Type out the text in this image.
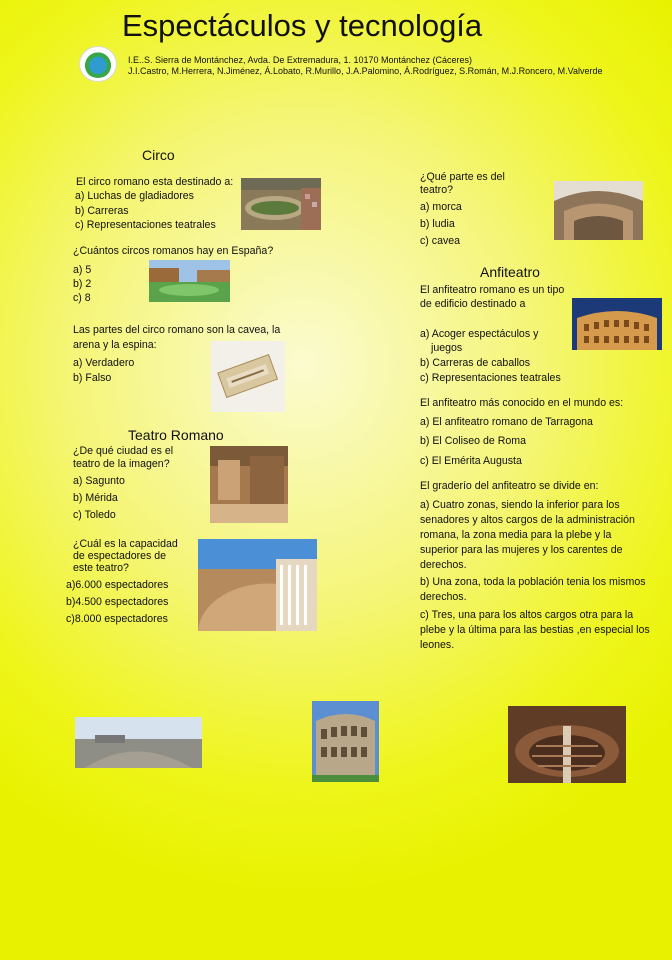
Espectáculos y tecnología
I.E..S. Sierra de Montánchez, Avda. De Extremadura, 1. 10170 Montánchez (Cáceres)
J.I.Castro, M.Herrera, N.Jiménez, Á.Lobato, R.Murillo, J.A.Palomino, Á.Rodríguez, S.Román, M.J.Roncero, M.Valverde
Circo
El circo romano esta destinado a:
a) Luchas de gladiadores
b) Carreras
c) Representaciones teatrales
¿Cuántos circos romanos hay en España?
a) 5
b) 2
c) 8
Las partes del circo romano son la cavea, la
arena y la espina:
a) Verdadero
b) Falso
Teatro Romano
¿De qué ciudad es el
teatro de la imagen?
a) Sagunto
b) Mérida
c) Toledo
¿Cuál es la capacidad
de espectadores de
este teatro?
a)6.000 espectadores
b)4.500 espectadores
c)8.000 espectadores
¿Qué parte es del
teatro?
a) morca
b) ludia
c) cavea
Anfiteatro
El anfiteatro romano es un tipo
de edificio destinado a
a) Acoger espectáculos y
juegos
b) Carreras de caballos
c) Representaciones teatrales
El anfiteatro más conocido en el mundo es:
a) El anfiteatro romano de Tarragona
b) El Coliseo de Roma
c) El Emérita Augusta
El graderío del anfiteatro se divide en:
a) Cuatro zonas, siendo la inferior para los senadores y altos cargos de la administración romana, la zona media para la plebe y la superior para las mujeres y los carentes de derechos.
b) Una zona, toda la población tenia los mismos derechos.
c) Tres, una para los altos cargos otra para la plebe y la última para las bestias ,en especial los leones.
